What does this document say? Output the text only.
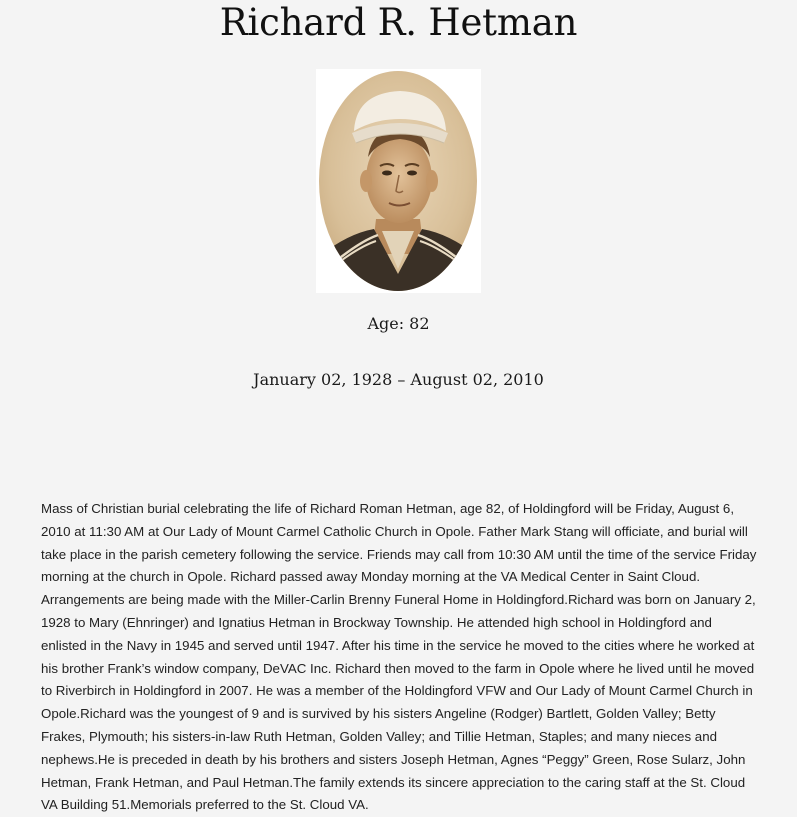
Richard R. Hetman
Age: 82
January 02, 1928 – August 02, 2010

Mass of Christian burial celebrating the life of Richard Roman Hetman, age 82, of Holdingford will be Friday, August 6, 2010 at 11:30 AM at Our Lady of Mount Carmel Catholic Church in Opole. Father Mark Stang will officiate, and burial will take place in the parish cemetery following the service. Friends may call from 10:30 AM until the time of the service Friday morning at the church in Opole. Richard passed away Monday morning at the VA Medical Center in Saint Cloud. Arrangements are being made with the Miller-Carlin Brenny Funeral Home in Holdingford.Richard was born on January 2, 1928 to Mary (Ehnringer) and Ignatius Hetman in Brockway Township. He attended high school in Holdingford and enlisted in the Navy in 1945 and served until 1947. After his time in the service he moved to the cities where he worked at his brother Frank’s window company, DeVAC Inc. Richard then moved to the farm in Opole where he lived until he moved to Riverbirch in Holdingford in 2007. He was a member of the Holdingford VFW and Our Lady of Mount Carmel Church in Opole.Richard was the youngest of 9 and is survived by his sisters Angeline (Rodger) Bartlett, Golden Valley; Betty Frakes, Plymouth; his sisters-in-law Ruth Hetman, Golden Valley; and Tillie Hetman, Staples; and many nieces and nephews.He is preceded in death by his brothers and sisters Joseph Hetman, Agnes “Peggy” Green, Rose Sularz, John Hetman, Frank Hetman, and Paul Hetman.The family extends its sincere appreciation to the caring staff at the St. Cloud VA Building 51.Memorials preferred to the St. Cloud VA.
